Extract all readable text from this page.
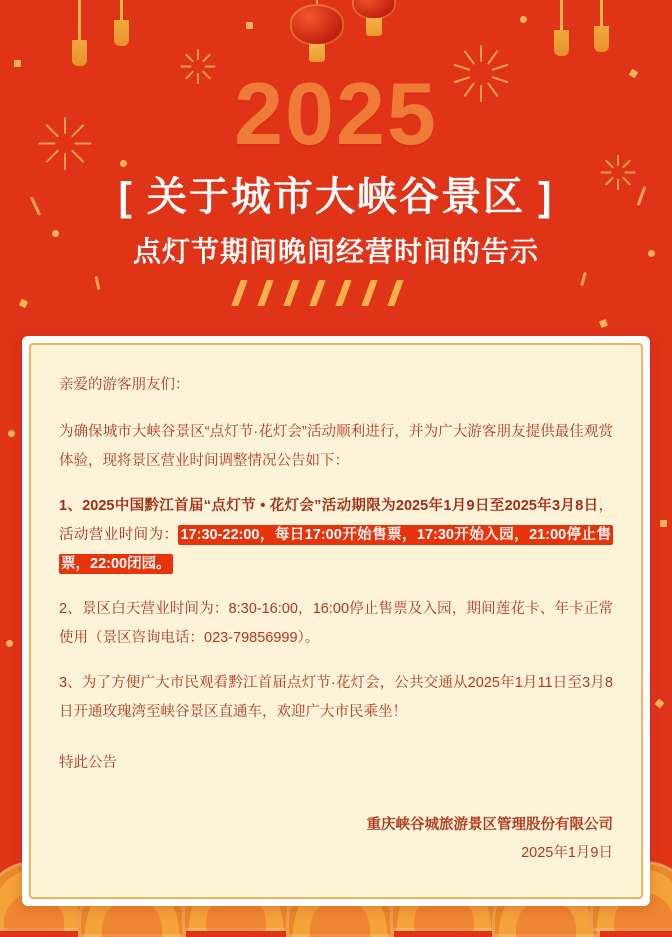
2025
[ 关于城市大峡谷景区 ]
点灯节期间晚间经营时间的告示

亲爱的游客朋友们：

为确保城市大峡谷景区“点灯节·花灯会”活动顺利进行，并为广大游客朋友提供最佳观赏体验，现将景区营业时间调整情况公告如下：

1、2025中国黔江首届“点灯节 • 花灯会”活动期限为2025年1月9日至2025年3月8日，活动营业时间为： 17:30-22:00，每日17:00开始售票，17:30开始入园，21:00停止售票，22:00闭园。

2、景区白天营业时间为：8:30-16:00，16:00停止售票及入园，期间莲花卡、年卡正常使用（景区咨询电话：023-79856999）。

3、为了方便广大市民观看黔江首届点灯节·花灯会，公共交通从2025年1月11日至3月8日开通玫瑰湾至峡谷景区直通车，欢迎广大市民乘坐！

特此公告

重庆峡谷城旅游景区管理股份有限公司
2025年1月9日
